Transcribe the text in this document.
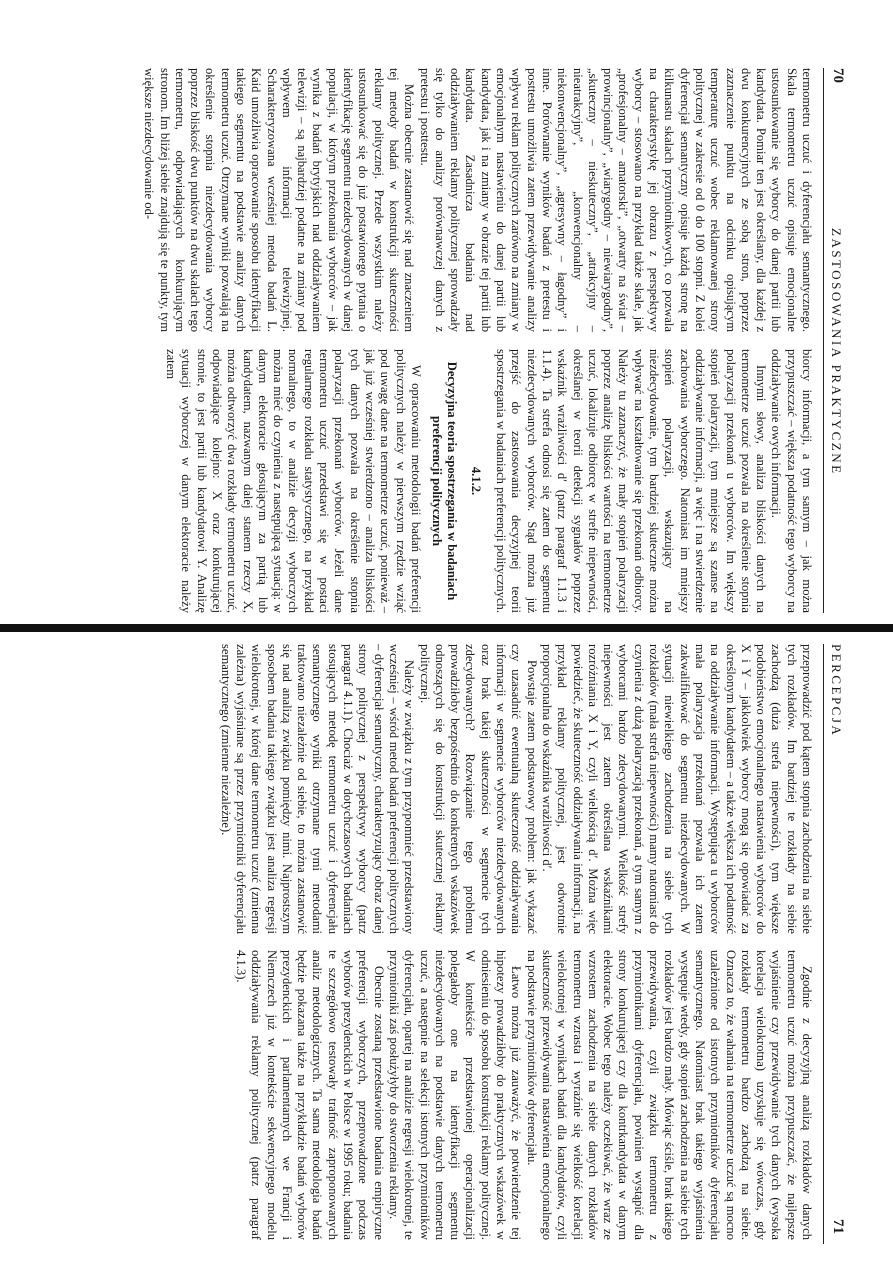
70
ZASTOSOWANIA PRAKTYCZNE

termometru uczuć i dyferencjału semantycznego. Skala termometru uczuć opisuje emocjonalne ustosunkowanie się wyborcy do danej partii lub kandydata. Pomiar ten jest określany, dla każdej z dwu konkurencyjnych ze sobą stron, poprzez zaznaczenie punktu na odcinku opisującym temperaturę uczuć wobec reklamowanej strony politycznej w zakresie od 0 do 100 stopni. Z kolei dyferencjał semantyczny opisuje każdą stronę na kilkunastu skalach przymiotnikowych, co pozwala na charakterystykę jej obrazu z perspektywy wyborcy – stosowano na przykład także skale, jak „profesjonalny – amatorski”, „otwarty na świat – prowincjonalny”, „wiarygodny – niewiarygodny”, „skuteczny – nieskuteczny”, „atrakcyjny – nieatrakcyjny”, „konwencjonalny – niekonwencjonalny”, „agresywny – łagodny” i inne. Porównanie wyników badań z pretestu i posttestu umożliwia zatem przewidywanie analizy wpływu reklam politycznych zarówno na zmiany w emocjonalnym nastawieniu do danej partii lub kandydata, jak i na zmiany w obrazie tej partii lub kandydata. Zasadnicza badania nad oddziaływaniem reklamy politycznej sprowadzały się tylko do analizy porównawczej danych z pretestu i posttestu.

Można obecnie zastanowić się nad znaczeniem tej metody badań w konstrukcji skuteczności reklamy politycznej. Przede wszystkim należy ustosunkować się do już postawionego pytania o identyfikację segmentu niezdecydowanych w danej populacji, w którym przekonania wyborców – jak wynika z badań brytyjskich nad oddziaływaniem telewizji – są najbardziej podatne na zmiany pod wpływem informacji telewizyjnej. Scharakteryzowana wcześniej metoda badań L. Kaid umożliwia opracowanie sposobu identyfikacji takiego segmentu na podstawie analizy danych termometru uczuć. Otrzymane wyniki pozwalają na określenie stopnia niezdecydowania wyborcy poprzez bliskość dwu punktów na dwu skalach tego termometru, odpowiadających konkurującym stronom. Im bliżej siebie znajdują się te punkty, tym większe niezdecydowanie od-

biorcy informacji, a tym samym – jak można przypuszczać – większa podatność tego wyborcy na oddziaływanie owych informacji.

Innymi słowy, analiza bliskości danych na termometrze uczuć pozwala na określenie stopnia polaryzacji przekonań u wyborców. Im większy stopień polaryzacji, tym mniejsze są szanse na oddziaływanie informacji, a więc i na stwierdzenie zachowania wyborczego. Natomiast im mniejszy stopień polaryzacji, wskazujący na niezdecydowanie, tym bardziej skuteczne można wpływać na kształtowanie się przekonań odbiorcy. Należy tu zaznaczyć, że mały stopień polaryzacji poprzez analizę bliskości wartości na termometrze uczuć, lokalizuje odbiorcę w strefie niepewności, określanej w teorii detekcji sygnałów poprzez wskaźnik wrażliwości d′ (patrz paragraf 1.1.3 i 1.1.4). Ta strefa odnosi się zatem do segmentu niezdecydowanych wyborców. Stąd można już przejść do zastosowania decyzyjnej teorii spostrzegania w badaniach preferencji politycznych.

4.1.2.
Decyzyjna teoria spostrzegania w badaniach preferencji politycznych

W opracowaniu metodologii badań preferencji politycznych należy w pierwszym rzędzie wziąć pod uwagę dane na termometrze uczuć, ponieważ – jak już wcześniej stwierdzono – analiza bliskości tych danych pozwala na określenie stopnia polaryzacji przekonań wyborców. Jeżeli dane termometru uczuć przedstawi się w postaci regularnego rozkładu statystycznego, na przykład normalnego, to w analizie decyzji wyborczych można mieć do czynienia z następującą sytuacją: w danym elektoracie głosującym za partią lub kandydatem, nazwanym dalej stanem rzeczy X, można odtworzyć dwa rozkłady termometru uczuć, odpowiadające kolejno: X oraz konkurującej stronie, to jest partii lub kandydatowi Y. Analizę sytuacji wyborczej w danym elektoracie należy zatem

PERCEPCJA
71

przeprowadzić pod kątem stopnia zachodzenia na siebie tych rozkładów. Im bardziej te rozkłady na siebie zachodzą (duża strefa niepewności), tym większe podobieństwo emocjonalnego nastawienia wyborców do X i Y – jakkolwiek wyborcy mogą się opowiadać za określonym kandydatem – a także większa ich podatność na oddziaływanie informacji. Występująca u wyborców mała polaryzacja przekonań pozwala ich zatem zakwalifikować do segmentu niezdecydowanych. W sytuacji niewielkiego zachodzenia na siebie tych rozkładów (mała strefa niepewności) mamy natomiast do czynienia z dużą polaryzacją przekonań, a tym samym z wyborcami bardzo zdecydowanymi. Wielkość strefy niepewności jest zatem określana wskaźnikami rozróżniania X i Y, czyli wielkością d′. Można więc powiedzieć, że skuteczność oddziaływania informacji, na przykład reklamy politycznej, jest odwrotnie proporcjonalna do wskaźnika wrażliwości d′.

Powstaje zatem podstawowy problem: jak wykazać czy uzasadnić ewentualną skuteczność oddziaływania informacji w segmencie wyborców niezdecydowanych oraz brak takiej skuteczności w segmencie tych zdecydowanych? Rozwiązanie tego problemu prowadziłoby bezpośrednio do konkretnych wskazówek odnoszących się do konstrukcji skutecznej reklamy politycznej.

Należy w związku z tym przypomnieć przedstawiony wcześniej – wśród metod badań preferencji politycznych – dyferencjał semantyczny, charakteryzujący obraz danej strony politycznej z perspektywy wyborcy (patrz paragraf 4.1.1). Chociaż w dotychczasowych badaniach stosujących metodę termometru uczuć i dyferencjału semantycznego wyniki otrzymane tymi metodami traktowano niezależnie od siebie, to można zastanowić się nad analizą związku pomiędzy nimi. Najprostszym sposobem badania takiego związku jest analiza regresji wielokrotnej, w której dane termometru uczuć (zmienna zależna) wyjaśniane są przez przymiotniki dyferencjału semantycznego (zmienne niezależne).

Zgodnie z decyzyjną analizą rozkładów danych termometru uczuć można przypuszczać, że najlepsze wyjaśnienie czy przewidywanie tych danych (wysoka korelacja wielokrotna) uzyskuje się wówczas, gdy rozkłady termometru bardzo zachodzą na siebie. Oznacza to, że wahania na termometrze uczuć są mocno uzależnione od istotnych przymiotników dyferencjału semantycznego. Natomiast brak takiego wyjaśnienia występuje wtedy, gdy stopień zachodzenia na siebie tych rozkładów jest bardzo mały. Mówiąc ściśle, brak takiego przewidywania, czyli związku termometru z przymiotnikami dyferencjału, powinien wystąpić dla strony konkurującej czy dla kontrkandydata w danym elektoracie. Wobec tego należy oczekiwać, że wraz ze wzrostem zachodzenia na siebie danych rozkładów termometru wzrasta i wyraźnie się wielkość korelacji wielokrotnej w wynikach badań dla kandydatów, czyli skuteczność przewidywania nastawienia emocjonalnego na podstawie przymiotników dyferencjału.

Łatwo można już zauważyć, że potwierdzenie tej hipotezy prowadziłoby do praktycznych wskazówek w odniesieniu do sposobu konstrukcji reklamy politycznej. W kontekście przedstawionej operacjonalizacji polegałoby one na identyfikacji segmentu niezdecydowanych na podstawie danych termometru uczuć, a następnie na selekcji istotnych przymiotników dyferencjału, opartej na analizie regresji wielokrotnej, te przymiotniki zaś posłużyłyby do stworzenia reklamy.

Obecnie zostaną przedstawione badania empiryczne preferencji wyborczych, przeprowadzone podczas wyborów prezydenckich w Polsce w 1995 roku; badania te szczegółowo testowały trafność zaproponowanych analiz metodologicznych. Ta sama metodologia badań będzie pokazana także na przykładzie badań wyborów prezydenckich i parlamentarnych we Francji i Niemczech już w kontekście sekwencyjnego modelu oddziaływania reklamy politycznej (patrz paragraf 4.1.3).
